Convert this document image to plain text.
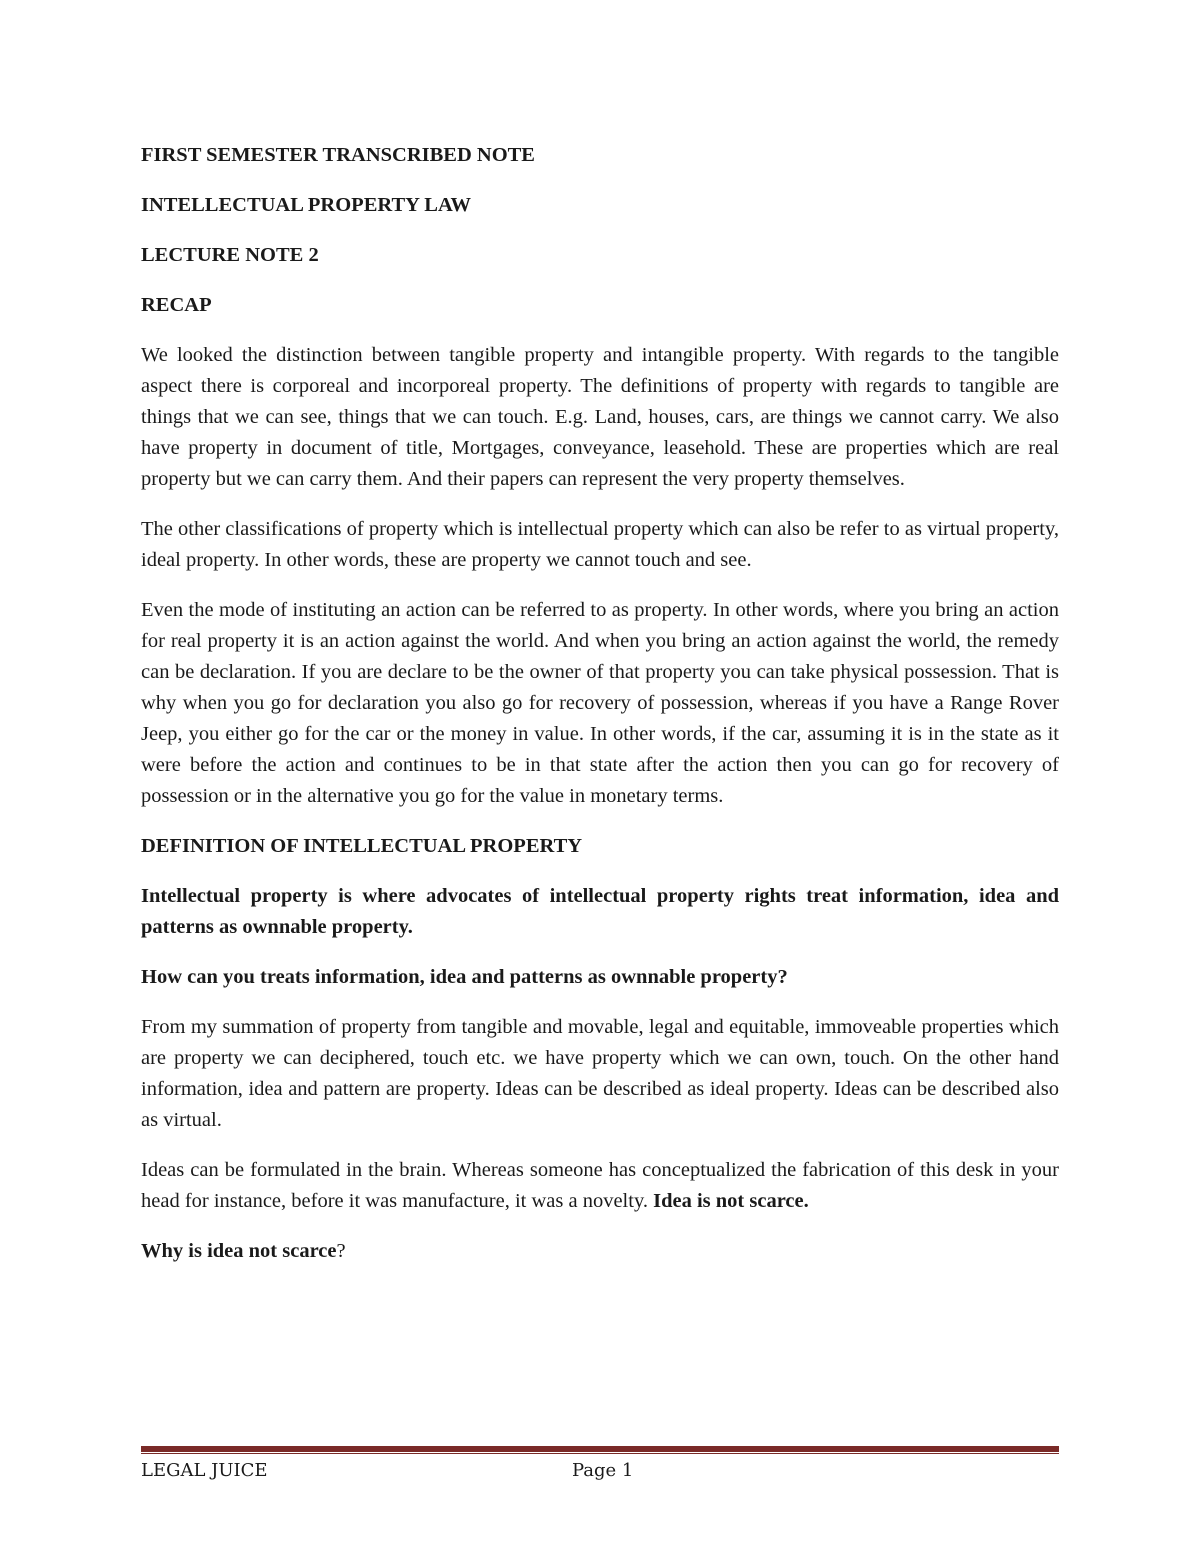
FIRST SEMESTER TRANSCRIBED NOTE
INTELLECTUAL PROPERTY LAW
LECTURE NOTE 2
RECAP

We looked the distinction between tangible property and intangible property. With regards to the tangible aspect there is corporeal and incorporeal property. The definitions of property with regards to tangible are things that we can see, things that we can touch. E.g. Land, houses, cars, are things we cannot carry. We also have property in document of title, Mortgages, conveyance, leasehold. These are properties which are real property but we can carry them. And their papers can represent the very property themselves.

The other classifications of property which is intellectual property which can also be refer to as virtual property, ideal property. In other words, these are property we cannot touch and see.

Even the mode of instituting an action can be referred to as property. In other words, where you bring an action for real property it is an action against the world. And when you bring an action against the world, the remedy can be declaration. If you are declare to be the owner of that property you can take physical possession. That is why when you go for declaration you also go for recovery of possession, whereas if you have a Range Rover Jeep, you either go for the car or the money in value. In other words, if the car, assuming it is in the state as it were before the action and continues to be in that state after the action then you can go for recovery of possession or in the alternative you go for the value in monetary terms.

DEFINITION OF INTELLECTUAL PROPERTY

Intellectual property is where advocates of intellectual property rights treat information, idea and patterns as ownnable property.

How can you treats information, idea and patterns as ownnable property?

From my summation of property from tangible and movable, legal and equitable, immoveable properties which are property we can deciphered, touch etc. we have property which we can own, touch. On the other hand information, idea and pattern are property. Ideas can be described as ideal property. Ideas can be described also as virtual.

Ideas can be formulated in the brain. Whereas someone has conceptualized the fabrication of this desk in your head for instance, before it was manufacture, it was a novelty. Idea is not scarce.

Why is idea not scarce?

LEGAL JUICE	Page 1
